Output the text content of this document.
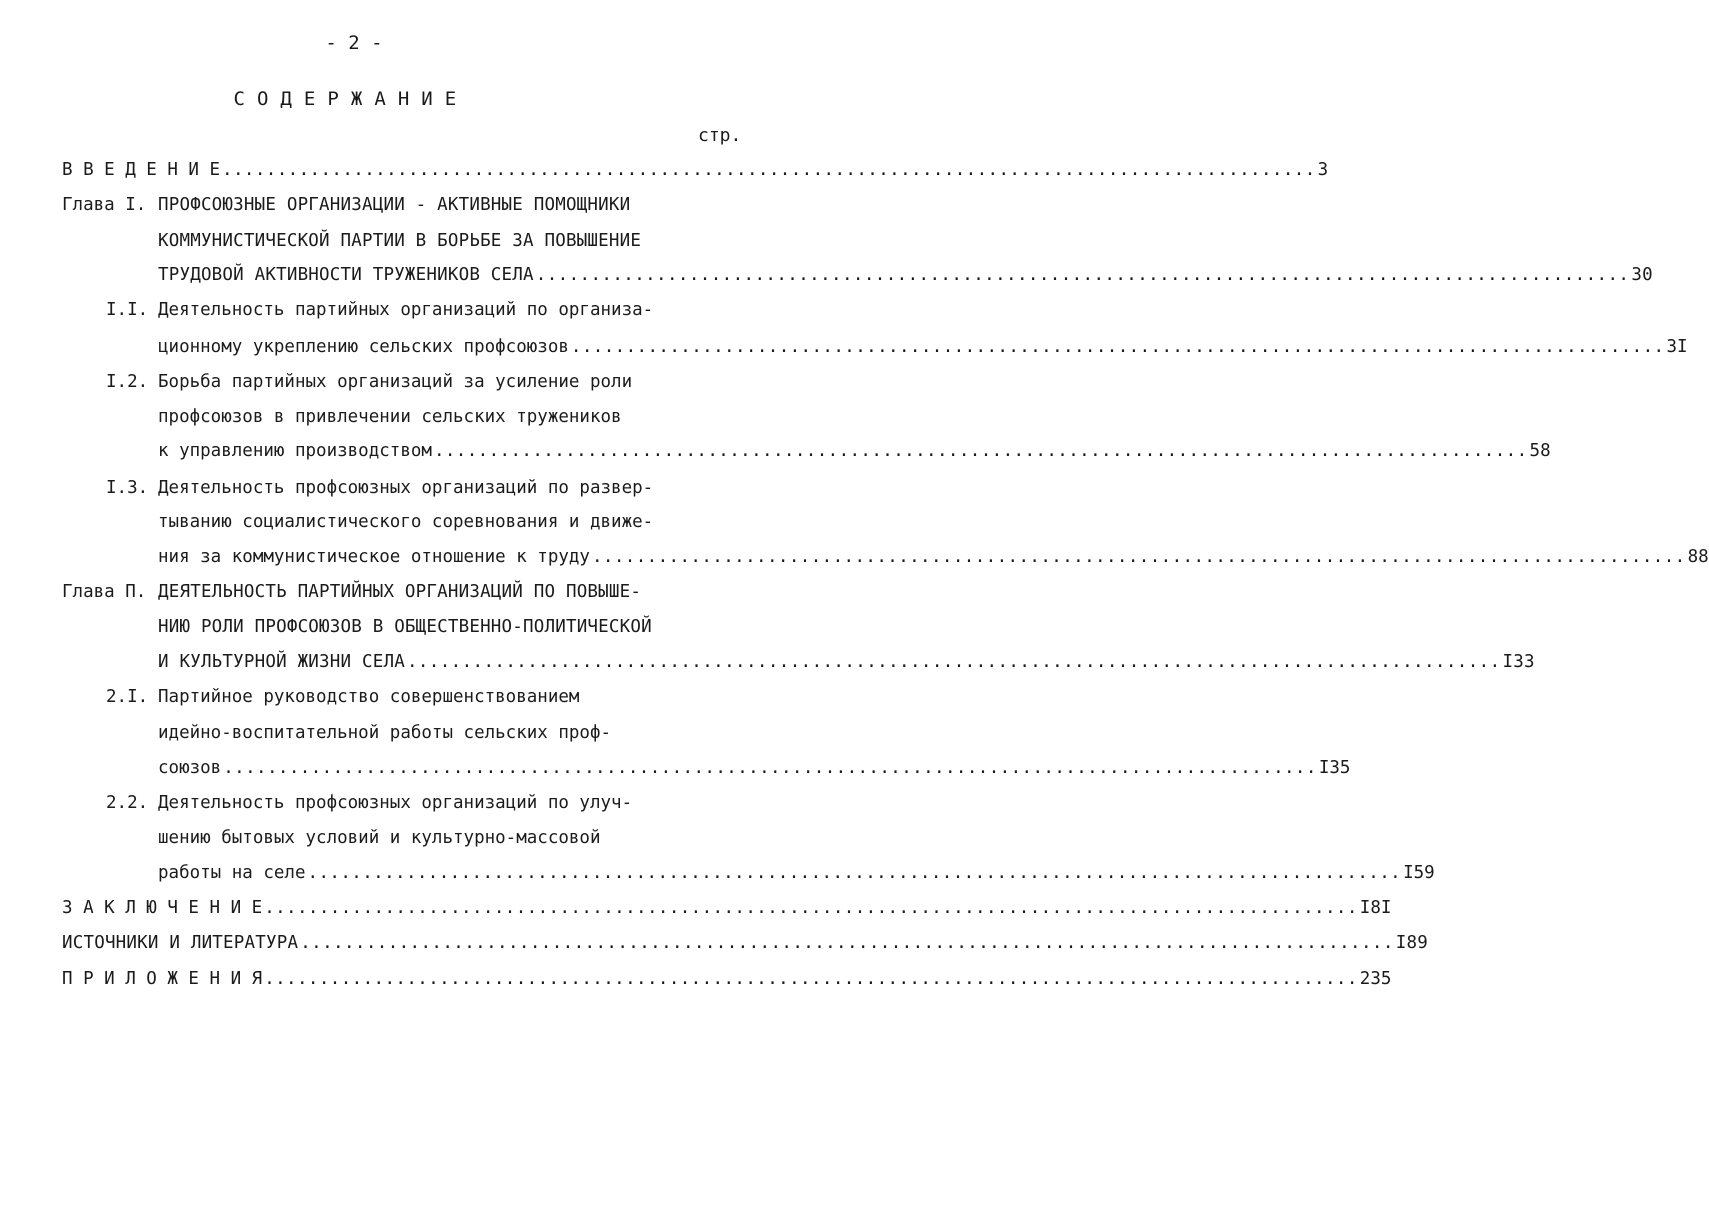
- 2 -
С О Д Е Р Ж А Н И Е
стр.
В В Е Д Е Н И Е .................................................................................................... 3
Глава I. ПРОФСОЮЗНЫЕ ОРГАНИЗАЦИИ - АКТИВНЫЕ ПОМОЩНИКИ
КОММУНИСТИЧЕСКОЙ ПАРТИИ В БОРЬБЕ ЗА ПОВЫШЕНИЕ
ТРУДОВОЙ АКТИВНОСТИ ТРУЖЕНИКОВ СЕЛА .................................................................................................... 30
I.I. Деятельность партийных организаций по организа-
ционному укреплению сельских профсоюзов .................................................................................................... 3I
I.2. Борьба партийных организаций за усиление роли
профсоюзов в привлечении сельских тружеников
к управлению производством .................................................................................................... 58
I.3. Деятельность профсоюзных организаций по развер-
тыванию социалистического соревнования и движе-
ния за коммунистическое отношение к труду .................................................................................................... 88
Глава П. ДЕЯТЕЛЬНОСТЬ ПАРТИЙНЫХ ОРГАНИЗАЦИЙ ПО ПОВЫШЕ-
НИЮ РОЛИ ПРОФСОЮЗОВ В ОБЩЕСТВЕННО-ПОЛИТИЧЕСКОЙ
И КУЛЬТУРНОЙ ЖИЗНИ СЕЛА .................................................................................................... I33
2.I. Партийное руководство совершенствованием
идейно-воспитательной работы сельских проф-
союзов .................................................................................................... I35
2.2. Деятельность профсоюзных организаций по улуч-
шению бытовых условий и культурно-массовой
работы на селе .................................................................................................... I59
З А К Л Ю Ч Е Н И Е .................................................................................................... I8I
ИСТОЧНИКИ И ЛИТЕРАТУРА .................................................................................................... I89
П Р И Л О Ж Е Н И Я .................................................................................................... 235
